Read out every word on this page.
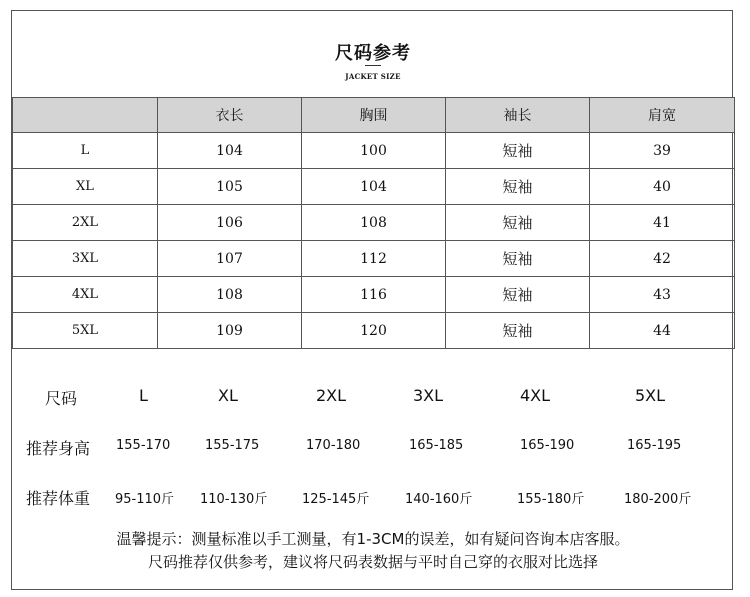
尺码参考
JACKET SIZE
	衣长	胸围	袖长	肩宽
L	104	100	短袖	39
XL	105	104	短袖	40
2XL	106	108	短袖	41
3XL	107	112	短袖	42
4XL	108	116	短袖	43
5XL	109	120	短袖	44
尺码	L	XL	2XL	3XL	4XL	5XL
推荐身高 155-170	155-175	170-180	165-185	165-190	165-195
推荐体重 95-110斤 110-130斤	125-145斤	140-160斤	155-180斤	180-200斤
温馨提示：测量标准以手工测量，有1-3CM的误差，如有疑问咨询本店客服。
尺码推荐仅供参考，建议将尺码表数据与平时自己穿的衣服对比选择
